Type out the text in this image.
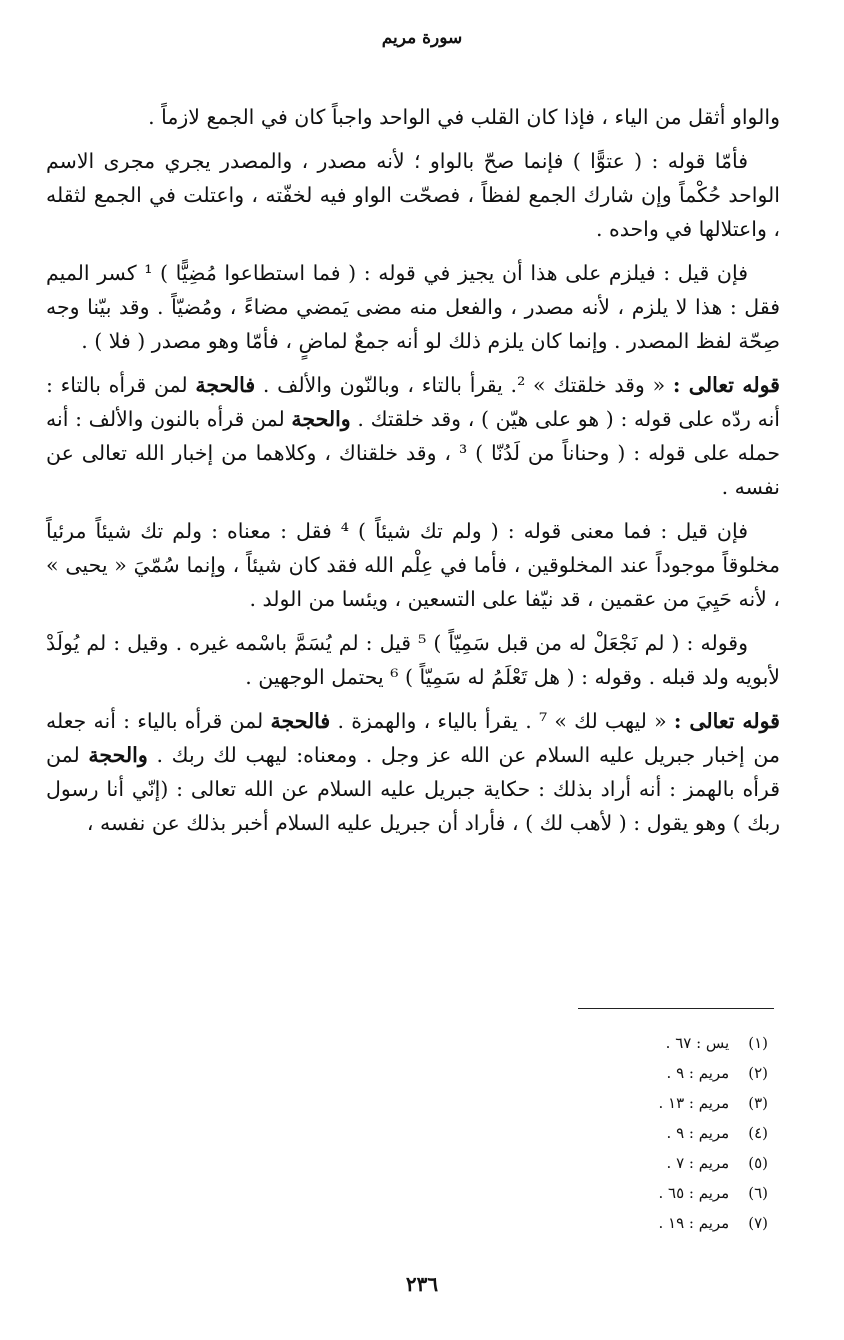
سورة مريم

والواو أثقل من الياء ، فإذا كان القلب في الواحد واجباً كان في الجمع لازماً .

فأمّا قوله : ( عتوًّا ) فإنما صحّ بالواو ؛ لأنه مصدر ، والمصدر يجري مجرى الاسم الواحد حُكْماً وإن شارك الجمع لفظاً ، فصحّت الواو فيه لخفّته ، واعتلت في الجمع لثقله ، واعتلالها في واحده .

فإن قيل : فيلزم على هذا أن يجيز في قوله : ( فما استطاعوا مُضِيًّا ) ¹ كسر الميم فقل : هذا لا يلزم ، لأنه مصدر ، والفعل منه مضى يَمضي مضاءً ، ومُضيّاً . وقد بيّنا وجه صِحّة لفظ المصدر . وإنما كان يلزم ذلك لو أنه جمعٌ لماضٍ ، فأمّا وهو مصدر ( فلا ) .

قوله تعالى : « وقد خلقتك » ². يقرأ بالتاء ، وبالنّون والألف . فالحجة لمن قرأه بالتاء : أنه ردّه على قوله : ( هو على هيّن ) ، وقد خلقتك . والحجة لمن قرأه بالنون والألف : أنه حمله على قوله : ( وحناناً من لَدُنّا ) ³ ، وقد خلقناك ، وكلاهما من إخبار الله تعالى عن نفسه .

فإن قيل : فما معنى قوله : ( ولم تك شيئاً ) ⁴ فقل : معناه : ولم تك شيئاً مرئياً مخلوقاً موجوداً عند المخلوقين ، فأما في عِلْم الله فقد كان شيئاً ، وإنما سُمّيَ « يحيى » ، لأنه حَيِيَ من عقمين ، قد نيّفا على التسعين ، ويئسا من الولد .

وقوله : ( لم نَجْعَلْ له من قبل سَمِيّاً ) ⁵ قيل : لم يُسَمَّ باسْمه غيره . وقيل : لم يُولَدْ لأبويه ولد قبله . وقوله : ( هل تَعْلَمُ له سَمِيّاً ) ⁶ يحتمل الوجهين .

قوله تعالى : « ليهب لك » ⁷ . يقرأ بالياء ، والهمزة . فالحجة لمن قرأه بالياء : أنه جعله من إخبار جبريل عليه السلام عن الله عز وجل . ومعناه: ليهب لك ربك . والحجة لمن قرأه بالهمز : أنه أراد بذلك : حكاية جبريل عليه السلام عن الله تعالى : (إنّي أنا رسول ربك ) وهو يقول : ( لأهب لك ) ، فأراد أن جبريل عليه السلام أخبر بذلك عن نفسه ،

(١) يس : ٦٧ .
(٢) مريم : ٩ .
(٣) مريم : ١٣ .
(٤) مريم : ٩ .
(٥) مريم : ٧ .
(٦) مريم : ٦٥ .
(٧) مريم : ١٩ .
٢٣٦
